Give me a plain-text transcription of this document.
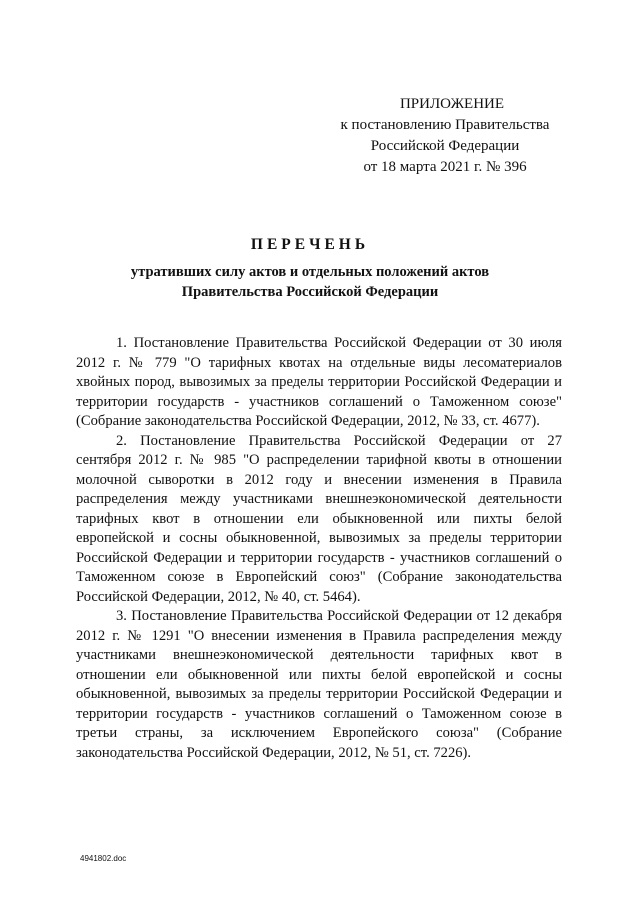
ПРИЛОЖЕНИЕ
к постановлению Правительства
Российской Федерации
от 18 марта 2021 г. № 396
ПЕРЕЧЕНЬ
утративших силу актов и отдельных положений актов
Правительства Российской Федерации

1. Постановление Правительства Российской Федерации от 30 июля 2012 г. № 779 "О тарифных квотах на отдельные виды лесоматериалов хвойных пород, вывозимых за пределы территории Российской Федерации и территории государств - участников соглашений о Таможенном союзе" (Собрание законодательства Российской Федерации, 2012, № 33, ст. 4677).

2. Постановление Правительства Российской Федерации от 27 сентября 2012 г. № 985 "О распределении тарифной квоты в отношении молочной сыворотки в 2012 году и внесении изменения в Правила распределения между участниками внешнеэкономической деятельности тарифных квот в отношении ели обыкновенной или пихты белой европейской и сосны обыкновенной, вывозимых за пределы территории Российской Федерации и территории государств - участников соглашений о Таможенном союзе в Европейский союз" (Собрание законодательства Российской Федерации, 2012, № 40, ст. 5464).

3. Постановление Правительства Российской Федерации от 12 декабря 2012 г. № 1291 "О внесении изменения в Правила распределения между участниками внешнеэкономической деятельности тарифных квот в отношении ели обыкновенной или пихты белой европейской и сосны обыкновенной, вывозимых за пределы территории Российской Федерации и территории государств - участников соглашений о Таможенном союзе в третьи страны, за исключением Европейского союза" (Собрание законодательства Российской Федерации, 2012, № 51, ст. 7226).

4941802.doc
